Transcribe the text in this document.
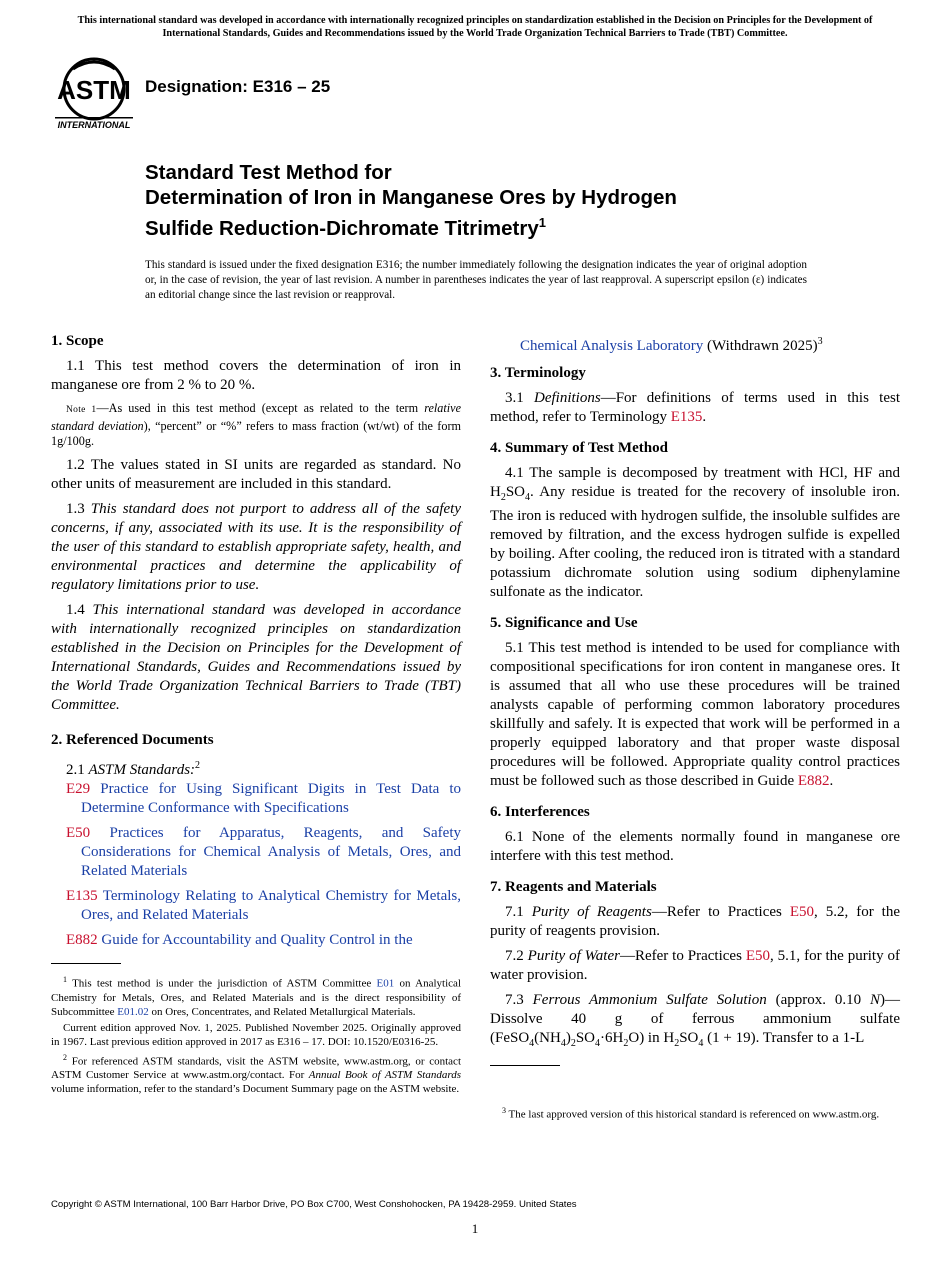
This international standard was developed in accordance with internationally recognized principles on standardization established in the Decision on Principles for the Development of International Standards, Guides and Recommendations issued by the World Trade Organization Technical Barriers to Trade (TBT) Committee.
ASTM
INTERNATIONAL
Designation: E316 – 25
Standard Test Method for
Determination of Iron in Manganese Ores by Hydrogen
Sulfide Reduction-Dichromate Titrimetry$^1$
This standard is issued under the fixed designation E316; the number immediately following the designation indicates the year of original adoption or, in the case of revision, the year of last revision. A number in parentheses indicates the year of last reapproval. A superscript epsilon (ε) indicates an editorial change since the last revision or reapproval.
1. Scope

1.1 This test method covers the determination of iron in manganese ore from 2 % to 20 %.

Note 1—As used in this test method (except as related to the term relative standard deviation), “percent” or “%” refers to mass fraction (wt/wt) of the form 1g/100g.

1.2 The values stated in SI units are regarded as standard. No other units of measurement are included in this standard.

1.3 This standard does not purport to address all of the safety concerns, if any, associated with its use. It is the responsibility of the user of this standard to establish appropriate safety, health, and environmental practices and determine the applicability of regulatory limitations prior to use.

1.4 This international standard was developed in accordance with internationally recognized principles on standardization established in the Decision on Principles for the Development of International Standards, Guides and Recommendations issued by the World Trade Organization Technical Barriers to Trade (TBT) Committee.

2. Referenced Documents

2.1 ASTM Standards:$^2$

E29 Practice for Using Significant Digits in Test Data to Determine Conformance with Specifications

E50 Practices for Apparatus, Reagents, and Safety Considerations for Chemical Analysis of Metals, Ores, and Related Materials

E135 Terminology Relating to Analytical Chemistry for Metals, Ores, and Related Materials

E882 Guide for Accountability and Quality Control in the

$^1$ This test method is under the jurisdiction of ASTM Committee E01 on Analytical Chemistry for Metals, Ores, and Related Materials and is the direct responsibility of Subcommittee E01.02 on Ores, Concentrates, and Related Metallurgical Materials.

Current edition approved Nov. 1, 2025. Published November 2025. Originally approved in 1967. Last previous edition approved in 2017 as E316 – 17. DOI: 10.1520/E0316-25.

$^2$ For referenced ASTM standards, visit the ASTM website, www.astm.org, or contact ASTM Customer Service at www.astm.org/contact. For Annual Book of ASTM Standards volume information, refer to the standard’s Document Summary page on the ASTM website.

Chemical Analysis Laboratory (Withdrawn 2025)$^3$

3. Terminology

3.1 Definitions—For definitions of terms used in this test method, refer to Terminology E135.

4. Summary of Test Method

4.1 The sample is decomposed by treatment with HCl, HF and $H_2SO_4$. Any residue is treated for the recovery of insoluble iron. The iron is reduced with hydrogen sulfide, the insoluble sulfides are removed by filtration, and the excess hydrogen sulfide is expelled by boiling. After cooling, the reduced iron is titrated with a standard potassium dichromate solution using sodium diphenylamine sulfonate as the indicator.

5. Significance and Use

5.1 This test method is intended to be used for compliance with compositional specifications for iron content in manganese ores. It is assumed that all who use these procedures will be trained analysts capable of performing common laboratory procedures skillfully and safely. It is expected that work will be performed in a properly equipped laboratory and that proper waste disposal procedures will be followed. Appropriate quality control practices must be followed such as those described in Guide E882.

6. Interferences

6.1 None of the elements normally found in manganese ore interfere with this test method.

7. Reagents and Materials

7.1 Purity of Reagents—Refer to Practices E50, 5.2, for the purity of reagents provision.

7.2 Purity of Water—Refer to Practices E50, 5.1, for the purity of water provision.

7.3 Ferrous Ammonium Sulfate Solution (approx. 0.10 N)—Dissolve 40 g of ferrous ammonium sulfate $(FeSO_4(NH_4)_2SO_4\cdot 6H_2O)$ in $H_2SO_4$ (1 + 19). Transfer to a 1-L

$^3$ The last approved version of this historical standard is referenced on www.astm.org.

Copyright © ASTM International, 100 Barr Harbor Drive, PO Box C700, West Conshohocken, PA 19428-2959. United States
1
